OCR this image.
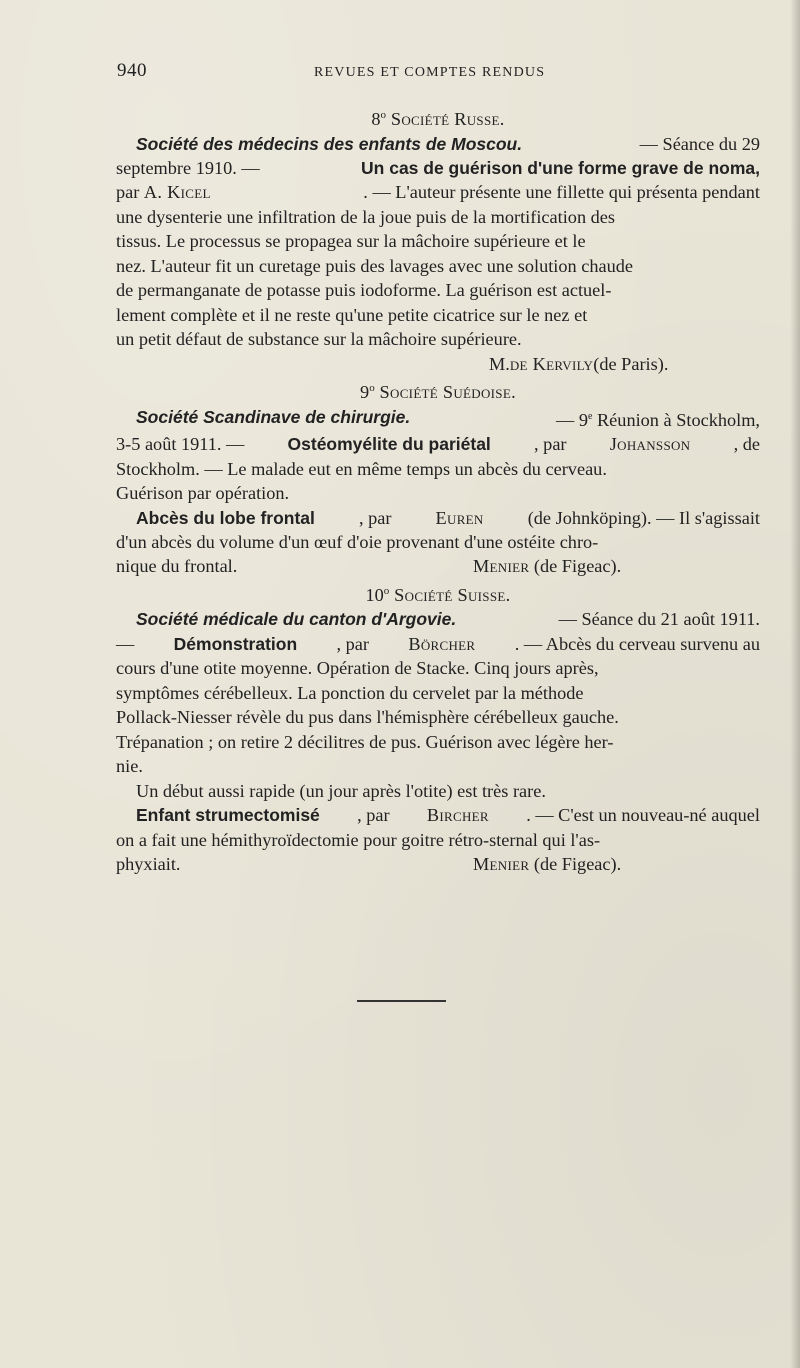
940	REVUES ET COMPTES RENDUS
8$^o$ Société Russe.
Société des médecins des enfants de Moscou.	— Séance du 29
septembre 1910. —	Un cas de guérison d'une forme grave de noma,
par A. Kicel	. — L'auteur présente une fillette qui présenta pendant
une dysenterie une infiltration de la joue puis de la mortification des
tissus. Le processus se propagea sur la mâchoire supérieure et le
nez. L'auteur fit un curetage puis des lavages avec une solution chaude
de permanganate de potasse puis iodoforme. La guérison est actuel-
lement complète et il ne reste qu'une petite cicatrice sur le nez et
un petit défaut de substance sur la mâchoire supérieure.
M. de Kervily (de Paris).
9$^o$ Société Suédoise.
Société Scandinave de chirurgie.	— 9e Réunion à Stockholm,
3-5 août 1911. — Ostéomyélite du pariétal , par Johansson , de
Stockholm. — Le malade eut en même temps un abcès du cerveau.
Guérison par opération.
Abcès du lobe frontal , par Euren (de Johnköping). — Il s'agissait
d'un abcès du volume d'un œuf d'oie provenant d'une ostéite chro-
nique du frontal.	Menier (de Figeac).
10$^o$ Société Suisse.
Société médicale du canton d'Argovie.	— Séance du 21 août 1911.
— Démonstration , par Börcher . — Abcès du cerveau survenu au
cours d'une otite moyenne. Opération de Stacke. Cinq jours après,
symptômes cérébelleux. La ponction du cervelet par la méthode
Pollack-Niesser révèle du pus dans l'hémisphère cérébelleux gauche.
Trépanation ; on retire 2 décilitres de pus. Guérison avec légère her-
nie.
Un début aussi rapide (un jour après l'otite) est très rare.
Enfant strumectomisé , par Bircher . — C'est un nouveau-né auquel
on a fait une hémithyroïdectomie pour goitre rétro-sternal qui l'as-
phyxiait.	Menier (de Figeac).
